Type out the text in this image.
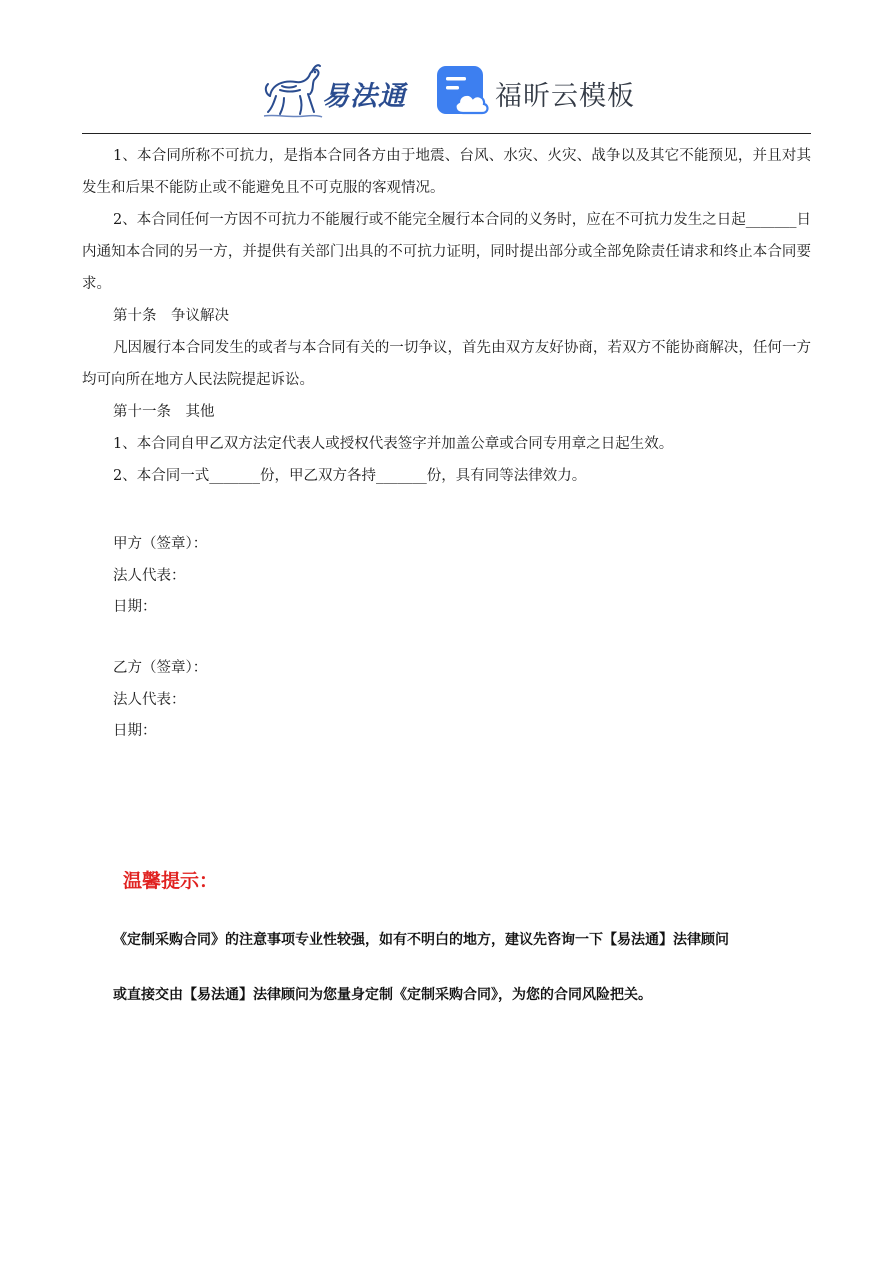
易法通	福昕云模板

1、本合同所称不可抗力，是指本合同各方由于地震、台风、水灾、火灾、战争以及其它不能预见，并且对其发生和后果不能防止或不能避免且不可克服的客观情况。

2、本合同任何一方因不可抗力不能履行或不能完全履行本合同的义务时，应在不可抗力发生之日起_______日内通知本合同的另一方，并提供有关部门出具的不可抗力证明，同时提出部分或全部免除责任请求和终止本合同要求。

第十条　争议解决

凡因履行本合同发生的或者与本合同有关的一切争议，首先由双方友好协商，若双方不能协商解决，任何一方均可向所在地方人民法院提起诉讼。

第十一条　其他

1、本合同自甲乙双方法定代表人或授权代表签字并加盖公章或合同专用章之日起生效。

2、本合同一式_______份，甲乙双方各持_______份，具有同等法律效力。

甲方（签章）：
法人代表：
日期：
乙方（签章）：
法人代表：
日期：
温馨提示：
《定制采购合同》的注意事项专业性较强，如有不明白的地方，建议先咨询一下【易法通】法律顾问
或直接交由【易法通】法律顾问为您量身定制《定制采购合同》，为您的合同风险把关。
